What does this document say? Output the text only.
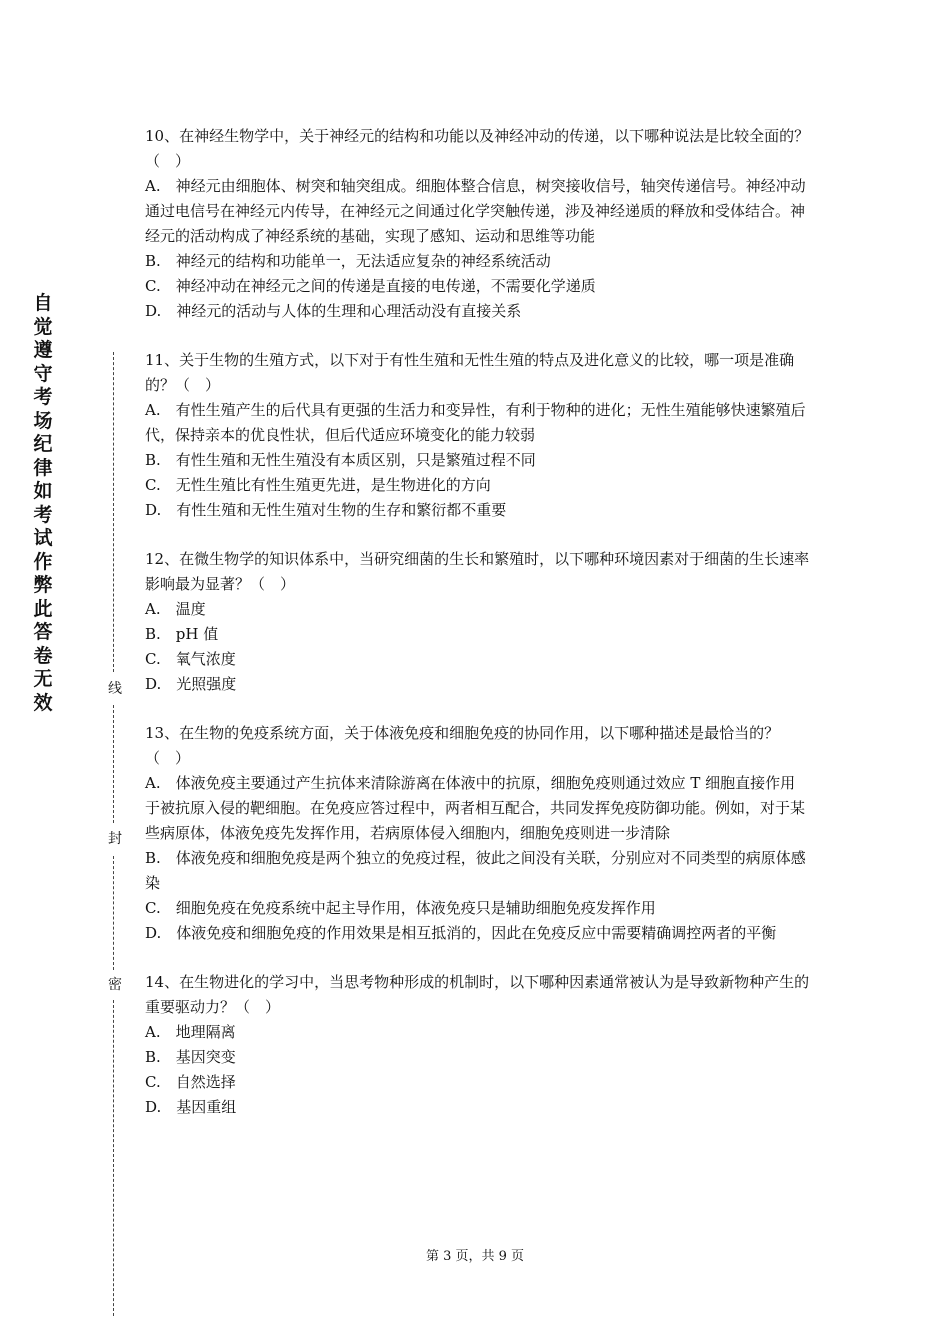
自觉遵守考场纪律如考试作弊此答卷无效
线
封
密

10、在神经生物学中，关于神经元的结构和功能以及神经冲动的传递，以下哪种说法是比较全面的？（　）

A.　神经元由细胞体、树突和轴突组成。细胞体整合信息，树突接收信号，轴突传递信号。神经冲动通过电信号在神经元内传导，在神经元之间通过化学突触传递，涉及神经递质的释放和受体结合。神经元的活动构成了神经系统的基础，实现了感知、运动和思维等功能

B.　神经元的结构和功能单一，无法适应复杂的神经系统活动

C.　神经冲动在神经元之间的传递是直接的电传递，不需要化学递质

D.　神经元的活动与人体的生理和心理活动没有直接关系

11、关于生物的生殖方式，以下对于有性生殖和无性生殖的特点及进化意义的比较，哪一项是准确的？（　）

A.　有性生殖产生的后代具有更强的生活力和变异性，有利于物种的进化；无性生殖能够快速繁殖后代，保持亲本的优良性状，但后代适应环境变化的能力较弱

B.　有性生殖和无性生殖没有本质区别，只是繁殖过程不同

C.　无性生殖比有性生殖更先进，是生物进化的方向

D.　有性生殖和无性生殖对生物的生存和繁衍都不重要

12、在微生物学的知识体系中，当研究细菌的生长和繁殖时，以下哪种环境因素对于细菌的生长速率影响最为显著？（　）

A.　温度

B.　pH 值

C.　氧气浓度

D.　光照强度

13、在生物的免疫系统方面，关于体液免疫和细胞免疫的协同作用，以下哪种描述是最恰当的？（　）

A.　体液免疫主要通过产生抗体来清除游离在体液中的抗原，细胞免疫则通过效应 T 细胞直接作用于被抗原入侵的靶细胞。在免疫应答过程中，两者相互配合，共同发挥免疫防御功能。例如，对于某些病原体，体液免疫先发挥作用，若病原体侵入细胞内，细胞免疫则进一步清除

B.　体液免疫和细胞免疫是两个独立的免疫过程，彼此之间没有关联，分别应对不同类型的病原体感染

C.　细胞免疫在免疫系统中起主导作用，体液免疫只是辅助细胞免疫发挥作用

D.　体液免疫和细胞免疫的作用效果是相互抵消的，因此在免疫反应中需要精确调控两者的平衡

14、在生物进化的学习中，当思考物种形成的机制时，以下哪种因素通常被认为是导致新物种产生的重要驱动力？（　）

A.　地理隔离

B.　基因突变

C.　自然选择

D.　基因重组

第 3 页，共 9 页
